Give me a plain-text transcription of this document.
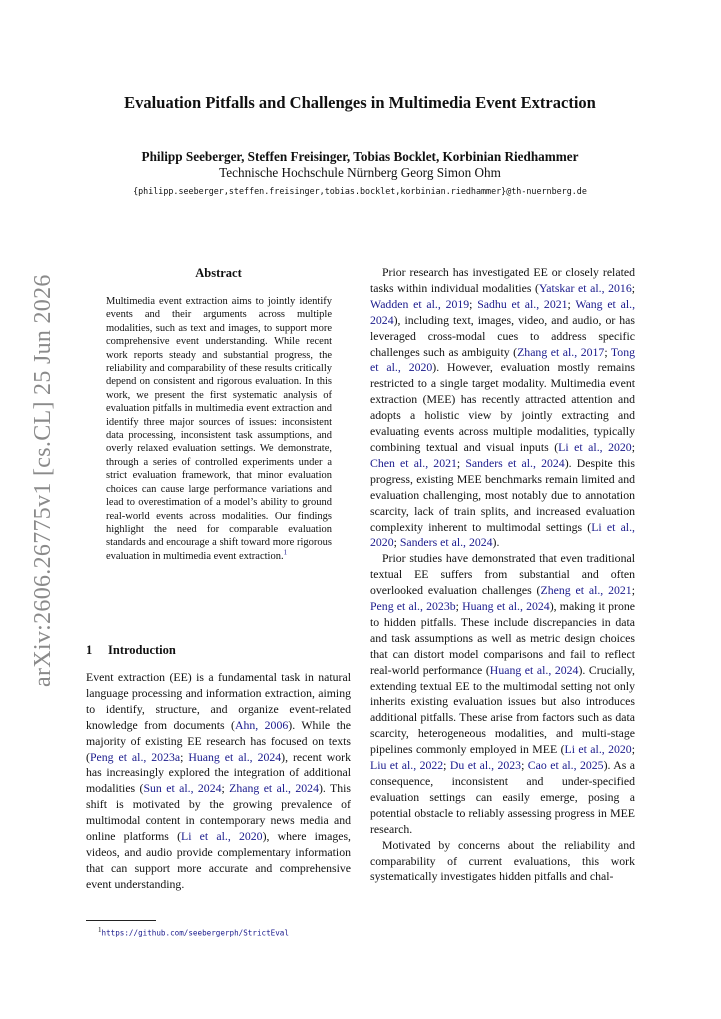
arXiv:2606.26775v1 [cs.CL] 25 Jun 2026
Evaluation Pitfalls and Challenges in Multimedia Event Extraction
Philipp Seeberger, Steffen Freisinger, Tobias Bocklet, Korbinian Riedhammer
Technische Hochschule Nürnberg Georg Simon Ohm
{philipp.seeberger,steffen.freisinger,tobias.bocklet,korbinian.riedhammer}@th-nuernberg.de
Abstract
Multimedia event extraction aims to jointly identify events and their arguments across multiple modalities, such as text and images, to support more comprehensive event understanding. While recent work reports steady and substantial progress, the reliability and comparability of these results critically depend on consistent and rigorous evaluation. In this work, we present the first systematic analysis of evaluation pitfalls in multimedia event extraction and identify three major sources of issues: inconsistent data processing, inconsistent task assumptions, and overly relaxed evaluation settings. We demonstrate, through a series of controlled experiments under a strict evaluation framework, that minor evaluation choices can cause large performance variations and lead to overestimation of a model’s ability to ground real-world events across modalities. Our findings highlight the need for comparable evaluation standards and encourage a shift toward more rigorous evaluation in multimedia event extraction.$^1$
1 Introduction

Event extraction (EE) is a fundamental task in natural language processing and information extraction, aiming to identify, structure, and organize event-related knowledge from documents (Ahn, 2006). While the majority of existing EE research has focused on texts (Peng et al., 2023a; Huang et al., 2024), recent work has increasingly explored the integration of additional modalities (Sun et al., 2024; Zhang et al., 2024). This shift is motivated by the growing prevalence of multimodal content in contemporary news media and online platforms (Li et al., 2020), where images, videos, and audio provide complementary information that can support more accurate and comprehensive event understanding.

$^1$https://github.com/seebergerph/StrictEval

Prior research has investigated EE or closely related tasks within individual modalities (Yatskar et al., 2016; Wadden et al., 2019; Sadhu et al., 2021; Wang et al., 2024), including text, images, video, and audio, or has leveraged cross-modal cues to address specific challenges such as ambiguity (Zhang et al., 2017; Tong et al., 2020). However, evaluation mostly remains restricted to a single target modality. Multimedia event extraction (MEE) has recently attracted attention and adopts a holistic view by jointly extracting and evaluating events across multiple modalities, typically combining textual and visual inputs (Li et al., 2020; Chen et al., 2021; Sanders et al., 2024). Despite this progress, existing MEE benchmarks remain limited and evaluation challenging, most notably due to annotation scarcity, lack of train splits, and increased evaluation complexity inherent to multimodal settings (Li et al., 2020; Sanders et al., 2024).

Prior studies have demonstrated that even traditional textual EE suffers from substantial and often overlooked evaluation challenges (Zheng et al., 2021; Peng et al., 2023b; Huang et al., 2024), making it prone to hidden pitfalls. These include discrepancies in data and task assumptions as well as metric design choices that can distort model comparisons and fail to reflect real-world performance (Huang et al., 2024). Crucially, extending textual EE to the multimodal setting not only inherits existing evaluation issues but also introduces additional pitfalls. These arise from factors such as data scarcity, heterogeneous modalities, and multi-stage pipelines commonly employed in MEE (Li et al., 2020; Liu et al., 2022; Du et al., 2023; Cao et al., 2025). As a consequence, inconsistent and under-specified evaluation settings can easily emerge, posing a potential obstacle to reliably assessing progress in MEE research.

Motivated by concerns about the reliability and comparability of current evaluations, this work systematically investigates hidden pitfalls and chal-
